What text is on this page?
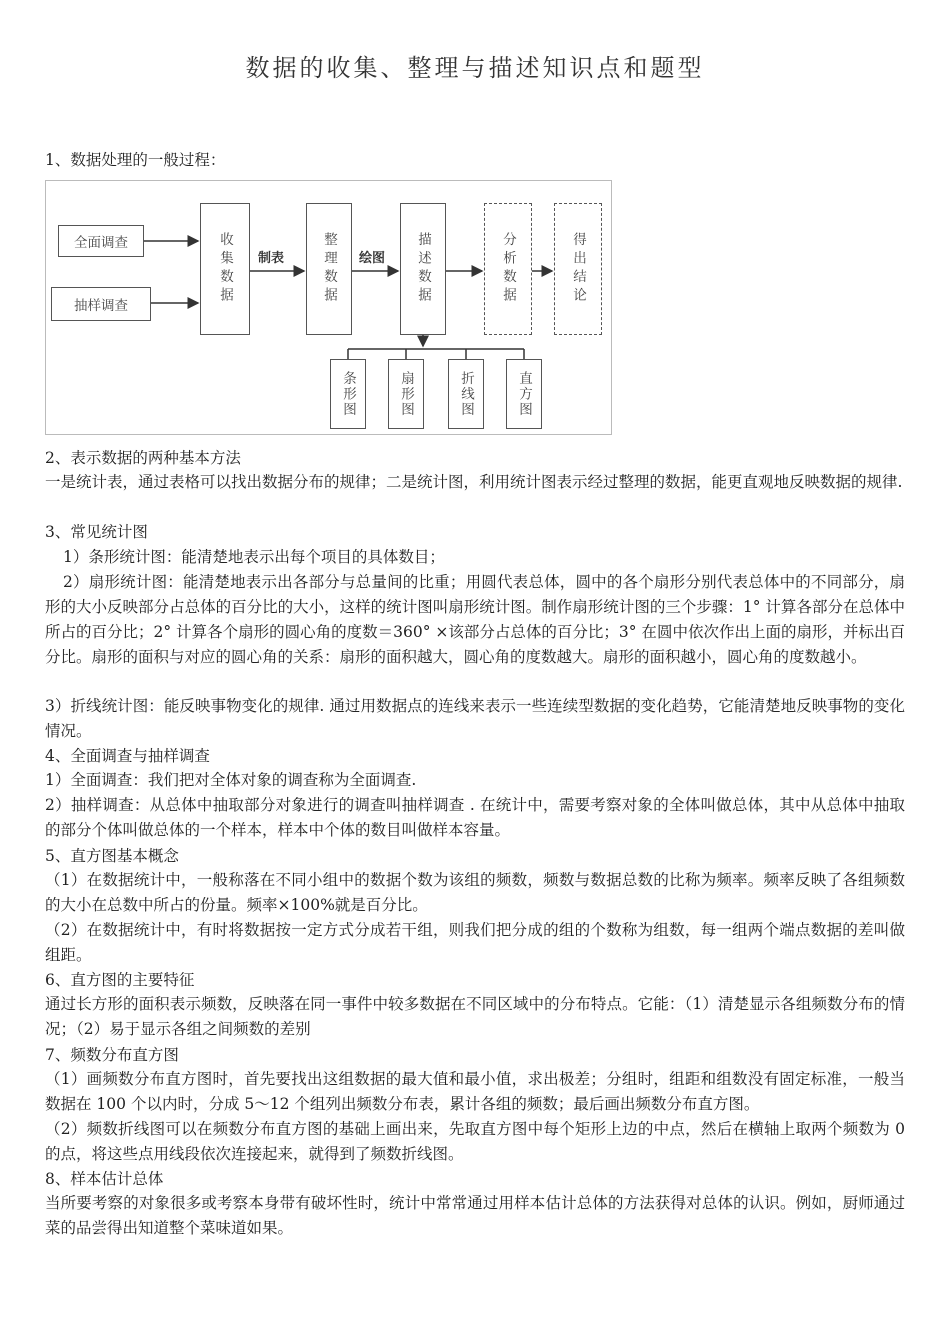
数据的收集、整理与描述知识点和题型
1、数据处理的一般过程：
全面调查
抽样调查	收集数据	制表	整理数据	绘图	描述数据	分析数据	得出结论
条形图	扇形图	折线图	直方图
2、表示数据的两种基本方法
一是统计表，通过表格可以找出数据分布的规律；二是统计图，利用统计图表示经过整理的数据，能更直观地反映数据的规律.
3、常见统计图
1）条形统计图：能清楚地表示出每个项目的具体数目；
2）扇形统计图：能清楚地表示出各部分与总量间的比重；用圆代表总体，圆中的各个扇形分别代表总体中的不同部分，扇形的大小反映部分占总体的百分比的大小，这样的统计图叫扇形统计图。制作扇形统计图的三个步骤：1° 计算各部分在总体中所占的百分比；2° 计算各个扇形的圆心角的度数＝360° ×该部分占总体的百分比；3° 在圆中依次作出上面的扇形，并标出百分比。扇形的面积与对应的圆心角的关系：扇形的面积越大，圆心角的度数越大。扇形的面积越小，圆心角的度数越小。
3）折线统计图：能反映事物变化的规律. 通过用数据点的连线来表示一些连续型数据的变化趋势，它能清楚地反映事物的变化情况。
4、全面调查与抽样调查
1）全面调查：我们把对全体对象的调查称为全面调查.
2）抽样调查：从总体中抽取部分对象进行的调查叫抽样调查 . 在统计中，需要考察对象的全体叫做总体，其中从总体中抽取的部分个体叫做总体的一个样本，样本中个体的数目叫做样本容量。
5、直方图基本概念
（1）在数据统计中，一般称落在不同小组中的数据个数为该组的频数，频数与数据总数的比称为频率。频率反映了各组频数的大小在总数中所占的份量。频率×100%就是百分比。
（2）在数据统计中，有时将数据按一定方式分成若干组，则我们把分成的组的个数称为组数，每一组两个端点数据的差叫做组距。
6、直方图的主要特征
通过长方形的面积表示频数，反映落在同一事件中较多数据在不同区域中的分布特点。它能：（1）清楚显示各组频数分布的情况；（2）易于显示各组之间频数的差别
7、频数分布直方图
（1）画频数分布直方图时，首先要找出这组数据的最大值和最小值，求出极差；分组时，组距和组数没有固定标准，一般当数据在 100 个以内时，分成 5～12 个组列出频数分布表，累计各组的频数；最后画出频数分布直方图。
（2）频数折线图可以在频数分布直方图的基础上画出来，先取直方图中每个矩形上边的中点，然后在横轴上取两个频数为 0 的点，将这些点用线段依次连接起来，就得到了频数折线图。
8、样本估计总体
当所要考察的对象很多或考察本身带有破坏性时，统计中常常通过用样本估计总体的方法获得对总体的认识。例如，厨师通过菜的品尝得出知道整个菜味道如果。
